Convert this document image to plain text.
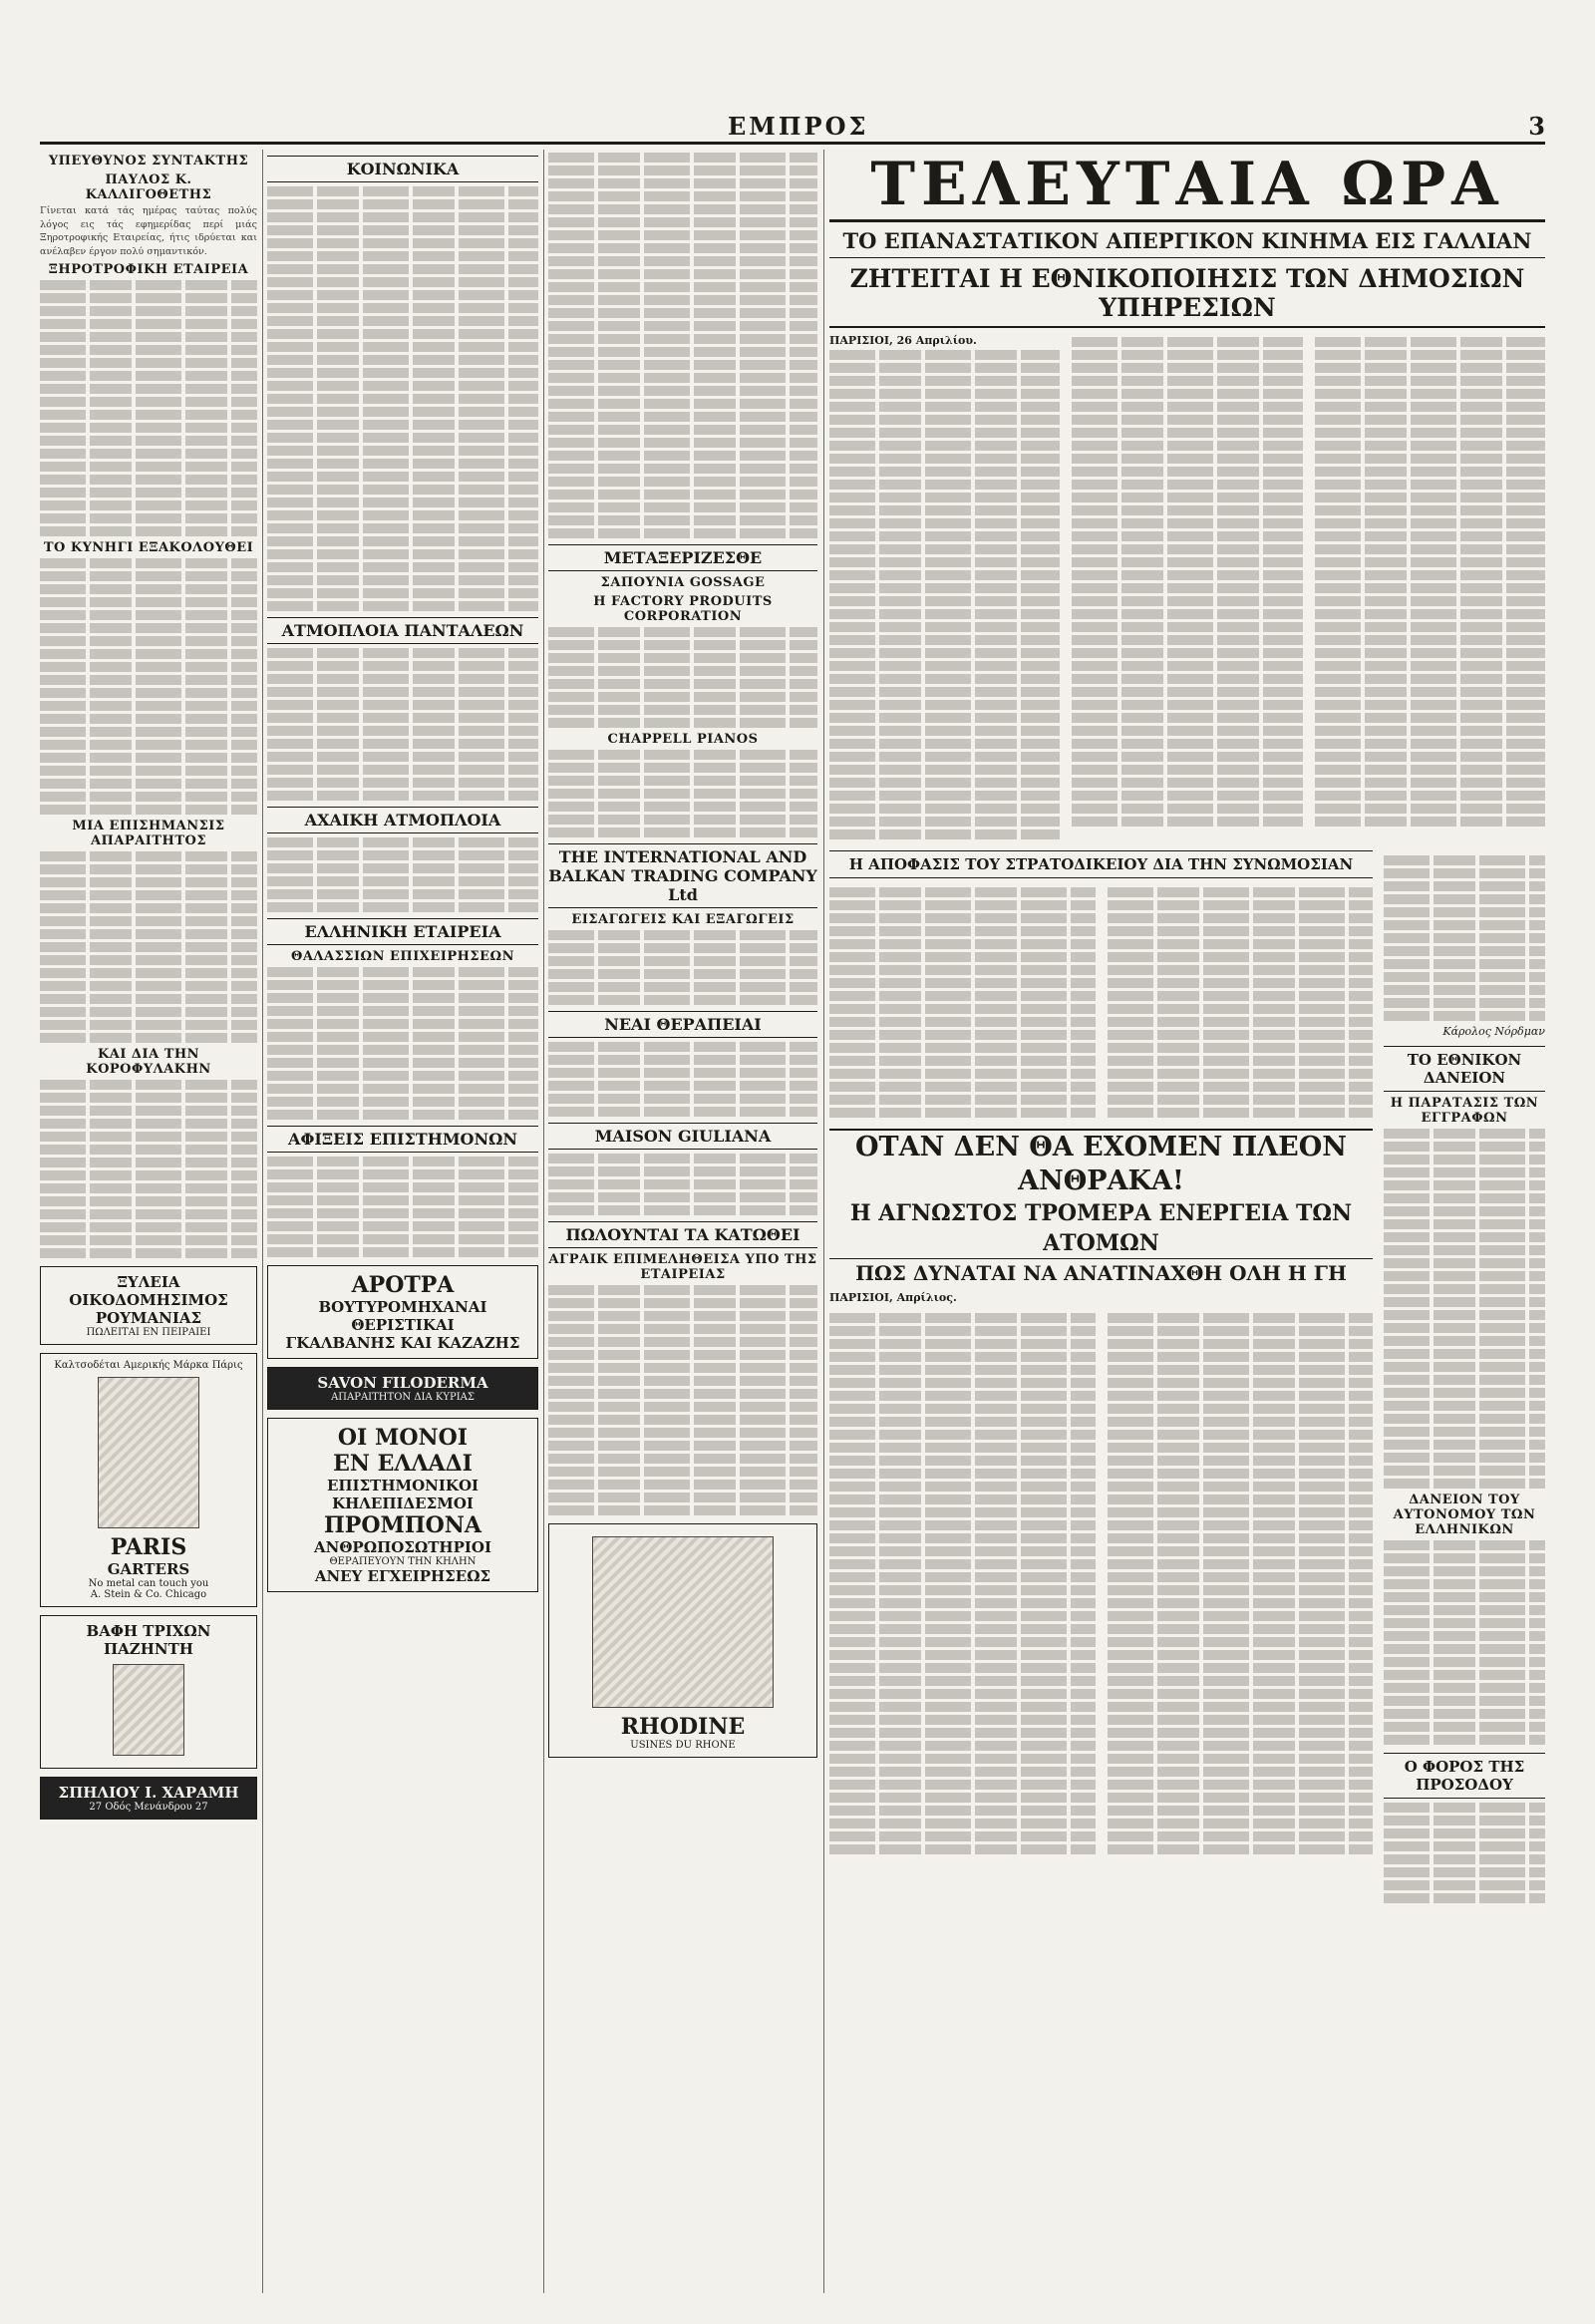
ΕΜΠΡΟΣ	3
ΥΠΕΥΘΥΝΟΣ ΣΥΝΤΑΚΤΗΣ
ΠΑΥΛΟΣ Κ. ΚΑΛΛΙΓΟΘΕΤΗΣ
Γίνεται κατά τάς ημέρας ταύτας πολύς λόγος εις τάς εφημερίδας περί μιάς Ξηροτροφικής Εταιρείας, ήτις ιδρύεται και ανέλαβεν έργον πολύ σημαντικόν.
ΞΗΡΟΤΡΟΦΙΚΗ ΕΤΑΙΡΕΙΑ
ΤΟ ΚΥΝΗΓΙ ΕΞΑΚΟΛΟΥΘΕΙ
ΜΙΑ ΕΠΙΣΗΜΑΝΣΙΣ ΑΠΑΡΑΙΤΗΤΟΣ
ΚΑΙ ΔΙΑ ΤΗΝ ΚΟΡΟΦΥΛΑΚΗΝ
ΞΥΛΕΙΑ ΟΙΚΟΔΟΜΗΣΙΜΟΣ ΡΟΥΜΑΝΙΑΣ
ΠΩΛΕΙΤΑΙ ΕΝ ΠΕΙΡΑΙΕΙ
Καλτσοδέται Αμερικής Μάρκα Πάρις
PARIS
GARTERS
No metal can touch you
A. Stein & Co. Chicago
ΒΑΦΗ ΤΡΙΧΩΝ ΠΑΖΗΝΤΗ
ΣΠΗΛΙΟΥ Ι. ΧΑΡΑΜΗ
27 Οδός Μενάνδρου 27
ΚΟΙΝΩΝΙΚΑ
ΑΤΜΟΠΛΟΙΑ ΠΑΝΤΑΛΕΩΝ
ΑΧΑΙΚΗ ΑΤΜΟΠΛΟΙΑ
ΕΛΛΗΝΙΚΗ ΕΤΑΙΡΕΙΑ
ΘΑΛΑΣΣΙΩΝ ΕΠΙΧΕΙΡΗΣΕΩΝ
ΑΦΙΞΕΙΣ ΕΠΙΣΤΗΜΟΝΩΝ
ΑΡΟΤΡΑ
ΒΟΥΤΥΡΟΜΗΧΑΝΑΙ
ΘΕΡΙΣΤΙΚΑΙ
ΓΚΑΛΒΑΝΗΣ ΚΑΙ ΚΑΖΑΖΗΣ
SAVON FILODERMA
ΑΠΑΡΑΙΤΗΤΟΝ ΔΙΑ ΚΥΡΙΑΣ
ΟΙ ΜΟΝΟΙ
ΕΝ ΕΛΛΑΔΙ
ΕΠΙΣΤΗΜΟΝΙΚΟΙ
ΚΗΛΕΠΙΔΕΣΜΟΙ
ΠΡΟΜΠΟΝΑ
ΑΝΘΡΩΠΟΣΩΤΗΡΙΟΙ
ΘΕΡΑΠΕΥΟΥΝ ΤΗΝ ΚΗΛΗΝ
ΑΝΕΥ ΕΓΧΕΙΡΗΣΕΩΣ
ΜΕΤΑΞΕΡΙΖΕΣΘΕ
ΣΑΠΟΥΝΙΑ GOSSAGE
Η FACTORY PRODUITS CORPORATION
CHAPPELL PIANOS
THE INTERNATIONAL AND BALKAN TRADING COMPANY Ltd
ΕΙΣΑΓΩΓΕΙΣ ΚΑΙ ΕΞΑΓΩΓΕΙΣ
ΝΕΑΙ ΘΕΡΑΠΕΙΑΙ
MAISON GIULIANA
ΠΩΛΟΥΝΤΑΙ ΤΑ ΚΑΤΩΘΕΙ
ΑΓΡΑΙΚ ΕΠΙΜΕΛΗΘΕΙΣΑ ΥΠΟ ΤΗΣ ΕΤΑΙΡΕΙΑΣ
RHODINE
USINES DU RHONE
ΤΕΛΕΥΤΑΙΑ ΩΡΑ
ΤΟ ΕΠΑΝΑΣΤΑΤΙΚΟΝ ΑΠΕΡΓΙΚΟΝ ΚΙΝΗΜΑ ΕΙΣ ΓΑΛΛΙΑΝ
ΖΗΤΕΙΤΑΙ Η ΕΘΝΙΚΟΠΟΙΗΣΙΣ ΤΩΝ ΔΗΜΟΣΙΩΝ ΥΠΗΡΕΣΙΩΝ
ΠΑΡΙΣΙΟΙ, 26 Απριλίου.
Η ΑΠΟΦΑΣΙΣ ΤΟΥ ΣΤΡΑΤΟΔΙΚΕΙΟΥ ΔΙΑ ΤΗΝ ΣΥΝΩΜΟΣΙΑΝ
ΟΤΑΝ ΔΕΝ ΘΑ ΕΧΟΜΕΝ ΠΛΕΟΝ ΑΝΘΡΑΚΑ!
Η ΑΓΝΩΣΤΟΣ ΤΡΟΜΕΡΑ ΕΝΕΡΓΕΙΑ ΤΩΝ ΑΤΟΜΩΝ
ΠΩΣ ΔΥΝΑΤΑΙ ΝΑ ΑΝΑΤΙΝΑΧΘΗ ΟΛΗ Η ΓΗ
ΠΑΡΙΣΙΟΙ, Απρίλιος.
Κάρολος Νόρδμαν
ΤΟ ΕΘΝΙΚΟΝ ΔΑΝΕΙΟΝ
Η ΠΑΡΑΤΑΣΙΣ ΤΩΝ ΕΓΓΡΑΦΩΝ
ΔΑΝΕΙΟΝ ΤΟΥ ΑΥΤΟΝΟΜΟΥ ΤΩΝ ΕΛΛΗΝΙΚΩΝ
Ο ΦΟΡΟΣ ΤΗΣ ΠΡΟΣΟΔΟΥ
